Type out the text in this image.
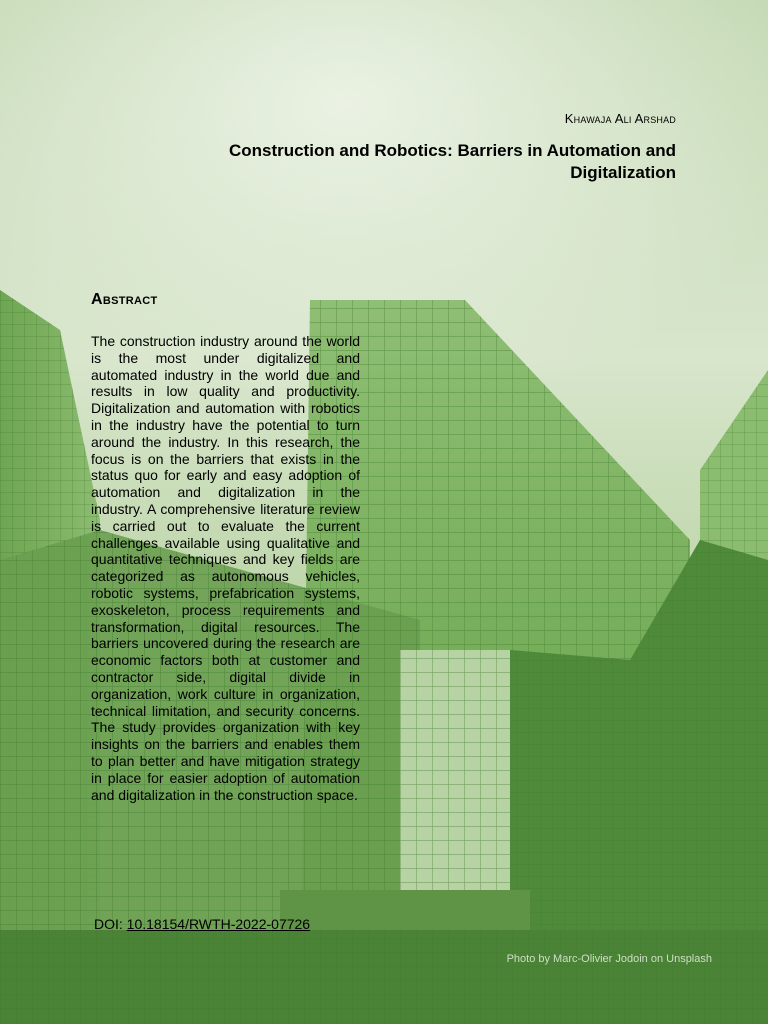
Khawaja Ali Arshad
Construction and Robotics: Barriers in Automation and Digitalization
Abstract
The construction industry around the world is the most under digitalized and automated industry in the world due and results in low quality and productivity. Digitalization and automation with robotics in the industry have the potential to turn around the industry. In this research, the focus is on the barriers that exists in the status quo for early and easy adoption of automation and digitalization in the industry. A comprehensive literature review is carried out to evaluate the current challenges available using qualitative and quantitative techniques and key fields are categorized as autonomous vehicles, robotic systems, prefabrication systems, exoskeleton, process requirements and transformation, digital resources. The barriers uncovered during the research are economic factors both at customer and contractor side, digital divide in organization, work culture in organization, technical limitation, and security concerns. The study provides organization with key insights on the barriers and enables them to plan better and have mitigation strategy in place for easier adoption of automation and digitalization in the construction space.
DOI: 10.18154/RWTH-2022-07726
Photo by Marc-Olivier Jodoin on Unsplash
